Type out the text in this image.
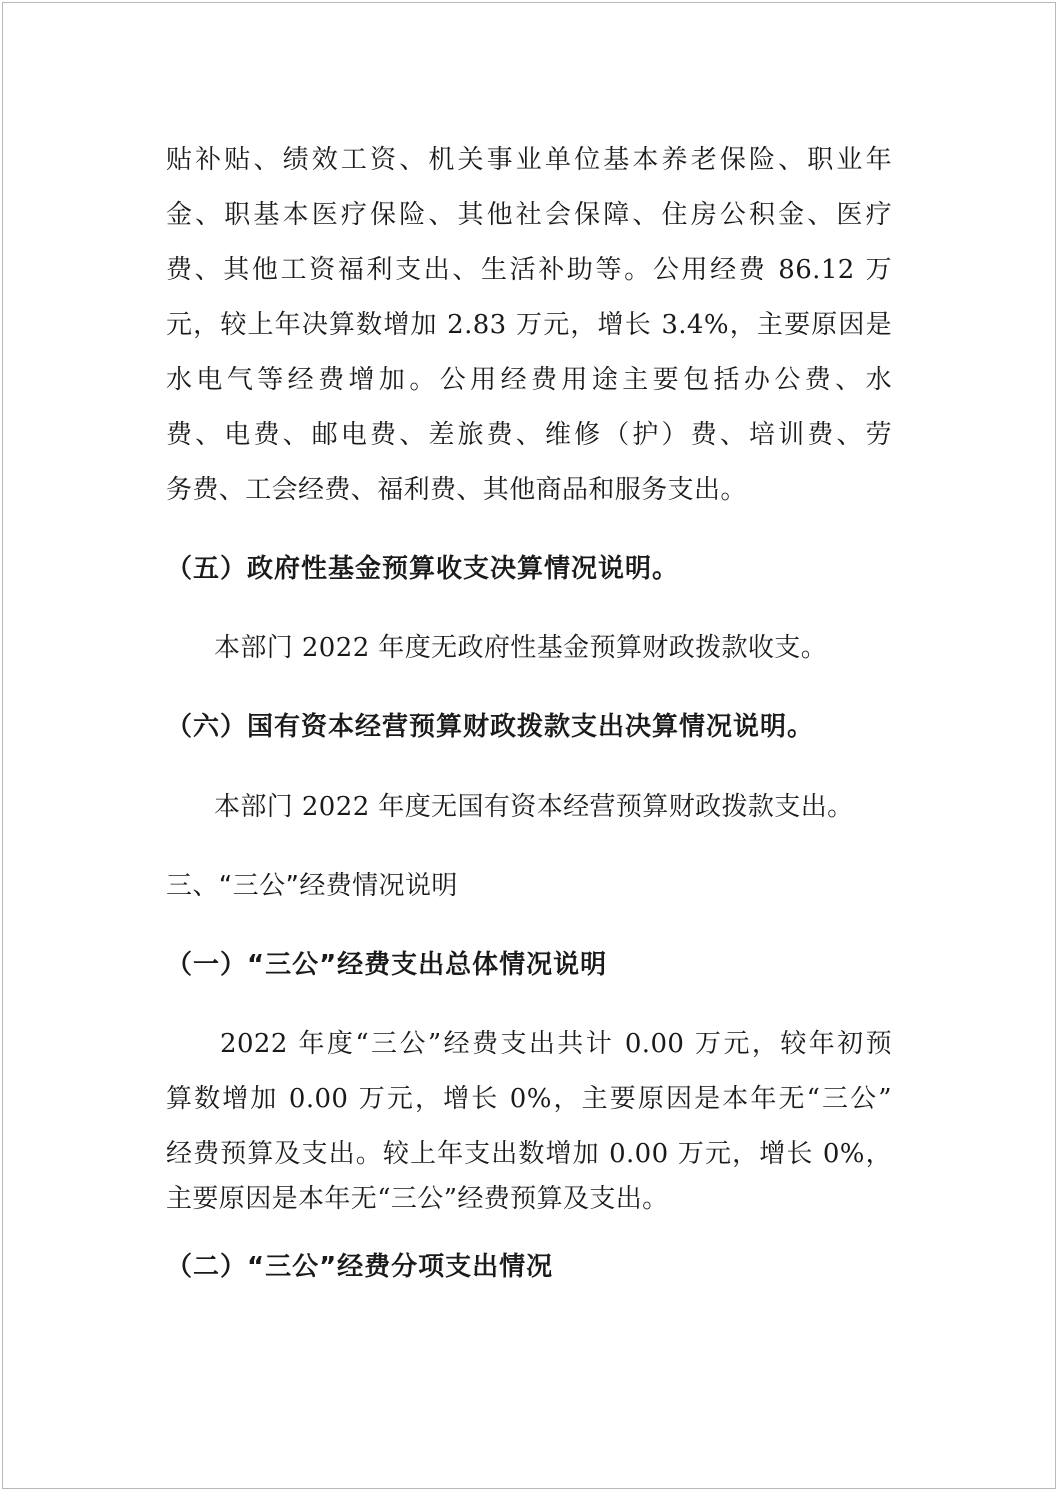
贴补贴、绩效工资、机关事业单位基本养老保险、职业年
金、职基本医疗保险、其他社会保障、住房公积金、医疗
费、其他工资福利支出、生活补助等。公用经费 86.12 万
元，较上年决算数增加 2.83 万元，增长 3.4%，主要原因是
水电气等经费增加。公用经费用途主要包括办公费、水
费、电费、邮电费、差旅费、维修（护）费、培训费、劳
务费、工会经费、福利费、其他商品和服务支出。
（五）政府性基金预算收支决算情况说明。
本部门 2022 年度无政府性基金预算财政拨款收支。
（六）国有资本经营预算财政拨款支出决算情况说明。
本部门 2022 年度无国有资本经营预算财政拨款支出。
三、“三公”经费情况说明
（一）“三公”经费支出总体情况说明
2022 年度“三公”经费支出共计 0.00 万元，较年初预
算数增加 0.00 万元，增长 0%，主要原因是本年无“三公”
经费预算及支出。较上年支出数增加 0.00 万元，增长 0%，
主要原因是本年无“三公”经费预算及支出。
（二）“三公”经费分项支出情况
